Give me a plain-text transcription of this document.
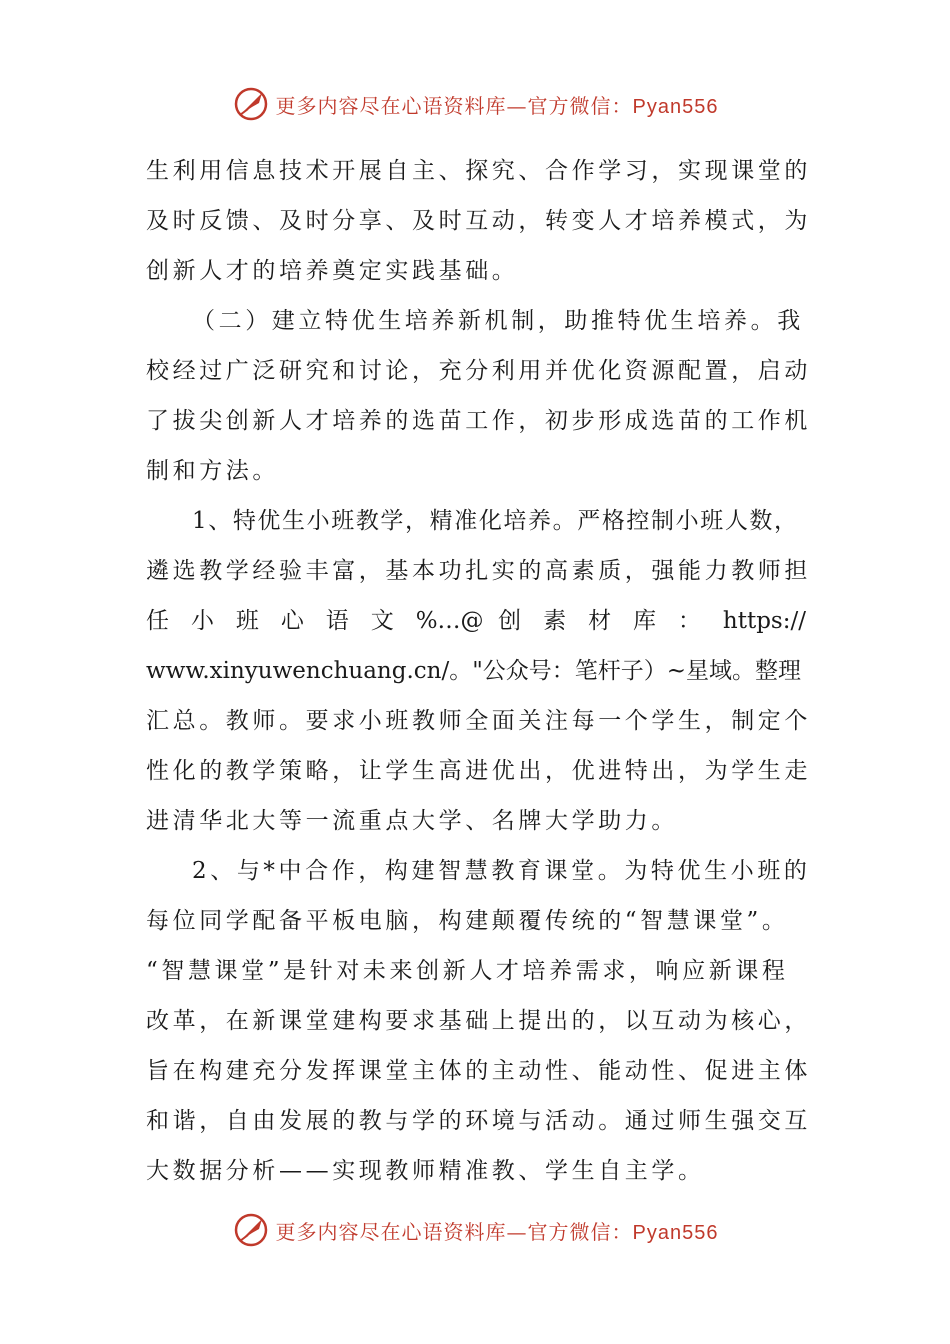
更多内容尽在心语资料库—官方微信：Pyan556
生利用信息技术开展自主、探究、合作学习，实现课堂的
及时反馈、及时分享、及时互动，转变人才培养模式，为
创新人才的培养奠定实践基础。
（二）建立特优生培养新机制，助推特优生培养。我
校经过广泛研究和讨论，充分利用并优化资源配置，启动
了拔尖创新人才培养的选苗工作，初步形成选苗的工作机
制和方法。
1、特优生小班教学，精准化培养。严格控制小班人数，
遴选教学经验丰富，基本功扎实的高素质，强能力教师担
任 小 班 心 语 文 %…@ 创 素 材 库 ： https://
www.xinyuwenchuang.cn/。"公众号：笔杆子）~星域。整理
汇总。教师。要求小班教师全面关注每一个学生，制定个
性化的教学策略，让学生高进优出，优进特出，为学生走
进清华北大等一流重点大学、名牌大学助力。
2、与*中合作，构建智慧教育课堂。为特优生小班的
每位同学配备平板电脑，构建颠覆传统的“智慧课堂”。
“智慧课堂”是针对未来创新人才培养需求，响应新课程
改革，在新课堂建构要求基础上提出的，以互动为核心，
旨在构建充分发挥课堂主体的主动性、能动性、促进主体
和谐，自由发展的教与学的环境与活动。通过师生强交互
大数据分析——实现教师精准教、学生自主学。
更多内容尽在心语资料库—官方微信：Pyan556
